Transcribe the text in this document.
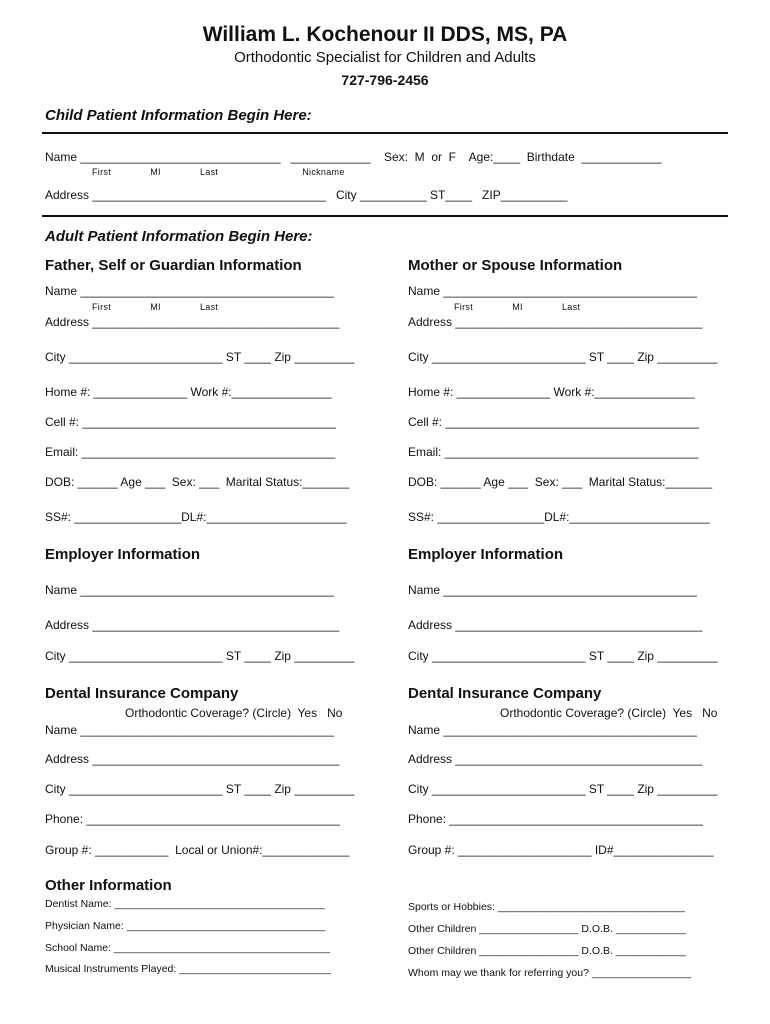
William L. Kochenour II DDS, MS, PA
Orthodontic Specialist for Children and Adults
727-796-2456
Child Patient Information Begin Here:
Name ______________________________   ____________    Sex:  M  or  F    Age:____  Birthdate  ____________
First              MI              Last                              Nickname
Address ___________________________________   City __________ ST____   ZIP__________
Adult Patient Information Begin Here:
Father, Self or Guardian Information
Name ______________________________________
First              MI              Last
Address _____________________________________
City _______________________ ST ____ Zip _________
Home #: ______________ Work #:_______________
Cell #: ______________________________________
Email: ______________________________________
DOB: ______ Age ___  Sex: ___  Marital Status:_______
SS#: ________________DL#:_____________________
Mother or Spouse Information
Name ______________________________________
First              MI              Last
Address _____________________________________
City _______________________ ST ____ Zip _________
Home #: ______________ Work #:_______________
Cell #: ______________________________________
Email: ______________________________________
DOB: ______ Age ___  Sex: ___  Marital Status:_______
SS#: ________________DL#:_____________________
Employer Information
Name ______________________________________
Address _____________________________________
City _______________________ ST ____ Zip _________
Employer Information
Name ______________________________________
Address _____________________________________
City _______________________ ST ____ Zip _________
Dental Insurance Company
Orthodontic Coverage? (Circle)  Yes   No
Name ______________________________________
Address _____________________________________
City _______________________ ST ____ Zip _________
Phone: ______________________________________
Group #: ___________  Local or Union#:_____________
Dental Insurance Company
Orthodontic Coverage? (Circle)  Yes   No
Name ______________________________________
Address _____________________________________
City _______________________ ST ____ Zip _________
Phone: ______________________________________
Group #: ____________________ ID#_______________
Other Information
Dentist Name: ____________________________________
Physician Name: __________________________________
School Name: _____________________________________
Musical Instruments Played: __________________________
Sports or Hobbies: ________________________________
Other Children _________________ D.O.B. ____________
Other Children _________________ D.O.B. ____________
Whom may we thank for referring you? _________________
